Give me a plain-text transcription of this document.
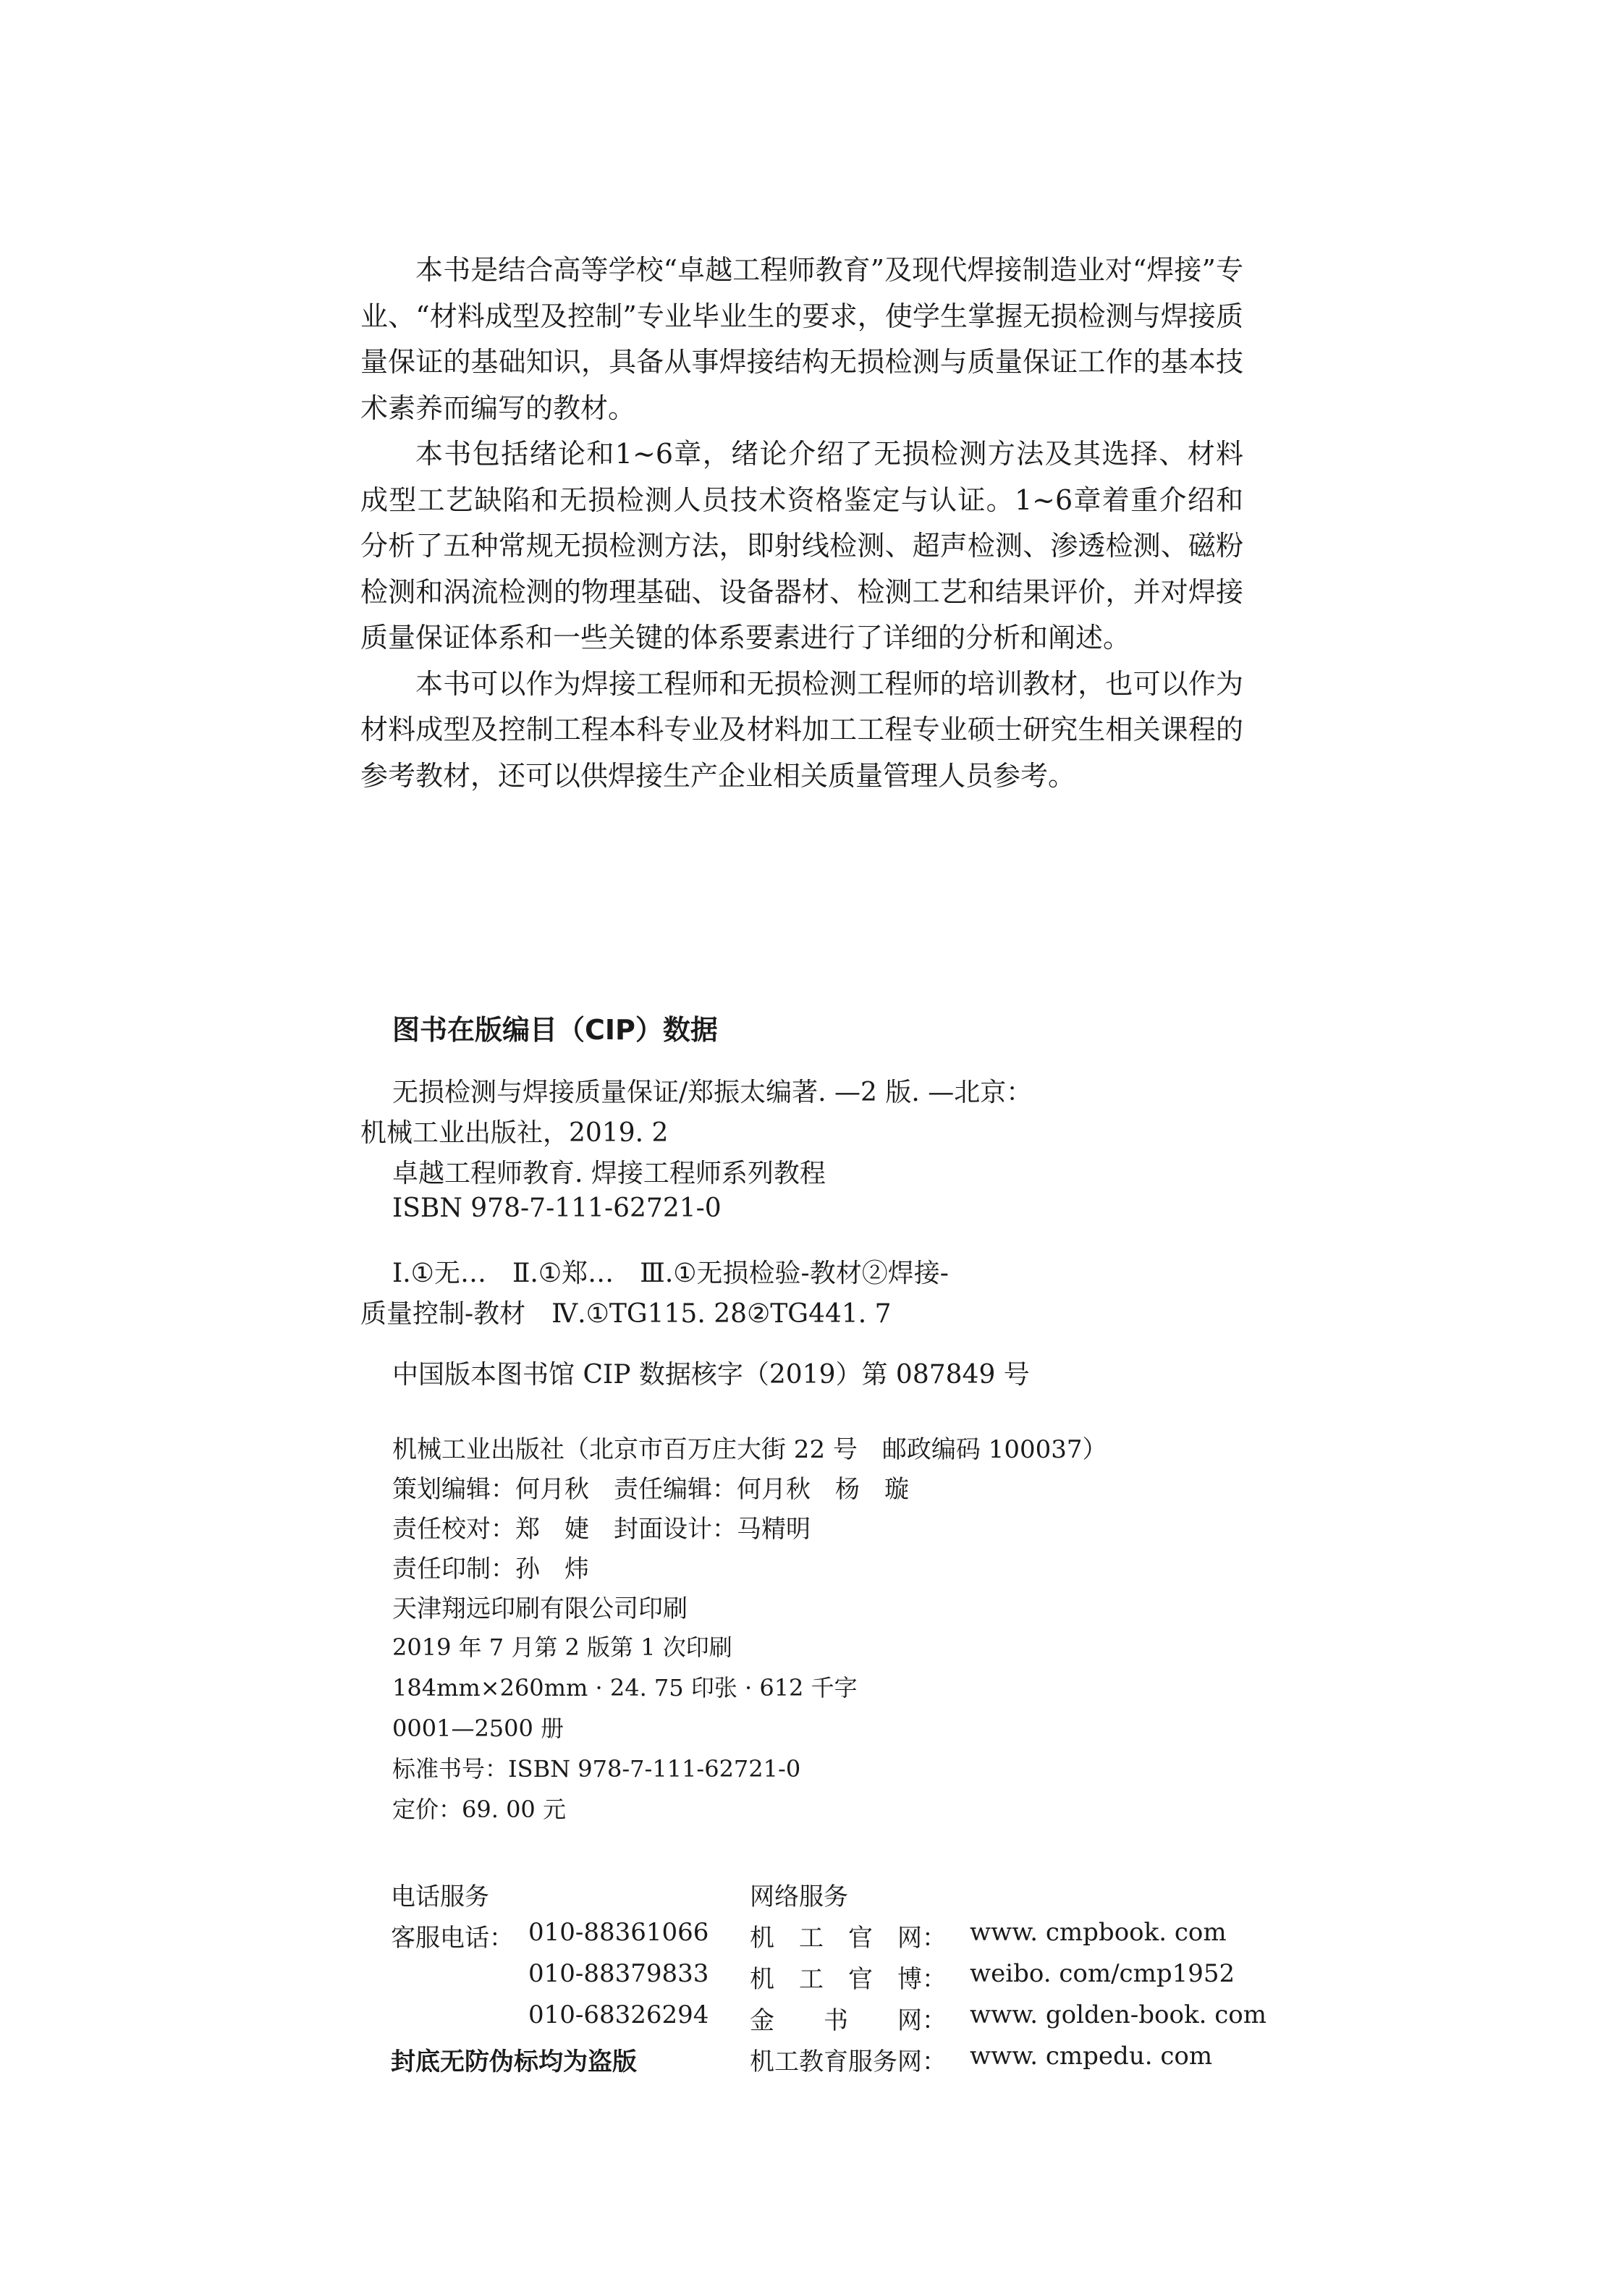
本书是结合高等学校“卓越工程师教育”及现代焊接制造业对“焊接”专业、“材料成型及控制”专业毕业生的要求，使学生掌握无损检测与焊接质量保证的基础知识，具备从事焊接结构无损检测与质量保证工作的基本技术素养而编写的教材。

本书包括绪论和1~6章，绪论介绍了无损检测方法及其选择、材料成型工艺缺陷和无损检测人员技术资格鉴定与认证。1~6章着重介绍和分析了五种常规无损检测方法，即射线检测、超声检测、渗透检测、磁粉检测和涡流检测的物理基础、设备器材、检测工艺和结果评价，并对焊接质量保证体系和一些关键的体系要素进行了详细的分析和阐述。

本书可以作为焊接工程师和无损检测工程师的培训教材，也可以作为材料成型及控制工程本科专业及材料加工工程专业硕士研究生相关课程的参考教材，还可以供焊接生产企业相关质量管理人员参考。

图书在版编目（CIP）数据
无损检测与焊接质量保证/郑振太编著. —2 版. —北京：
机械工业出版社，2019. 2
卓越工程师教育. 焊接工程师系列教程
ISBN 978-7-111-62721-0
Ⅰ.①无…　Ⅱ.①郑…　Ⅲ.①无损检验-教材②焊接-
质量控制-教材　Ⅳ.①TG115. 28②TG441. 7
中国版本图书馆 CIP 数据核字（2019）第 087849 号
机械工业出版社（北京市百万庄大街 22 号　邮政编码 100037）
策划编辑：何月秋　责任编辑：何月秋　杨　璇
责任校对：郑　婕　封面设计：马精明
责任印制：孙　炜
天津翔远印刷有限公司印刷
2019 年 7 月第 2 版第 1 次印刷
184mm×260mm · 24. 75 印张 · 612 千字
0001—2500 册
标准书号：ISBN 978-7-111-62721-0
定价：69. 00 元
电话服务	网络服务
客服电话： 010-88361066
010-88379833
010-68326294
封底无防伪标均为盗版
机　工　官　网： www. cmpbook. com
机　工　官　博： weibo. com/cmp1952
金　　书　　网： www. golden-book. com
机工教育服务网： www. cmpedu. com
